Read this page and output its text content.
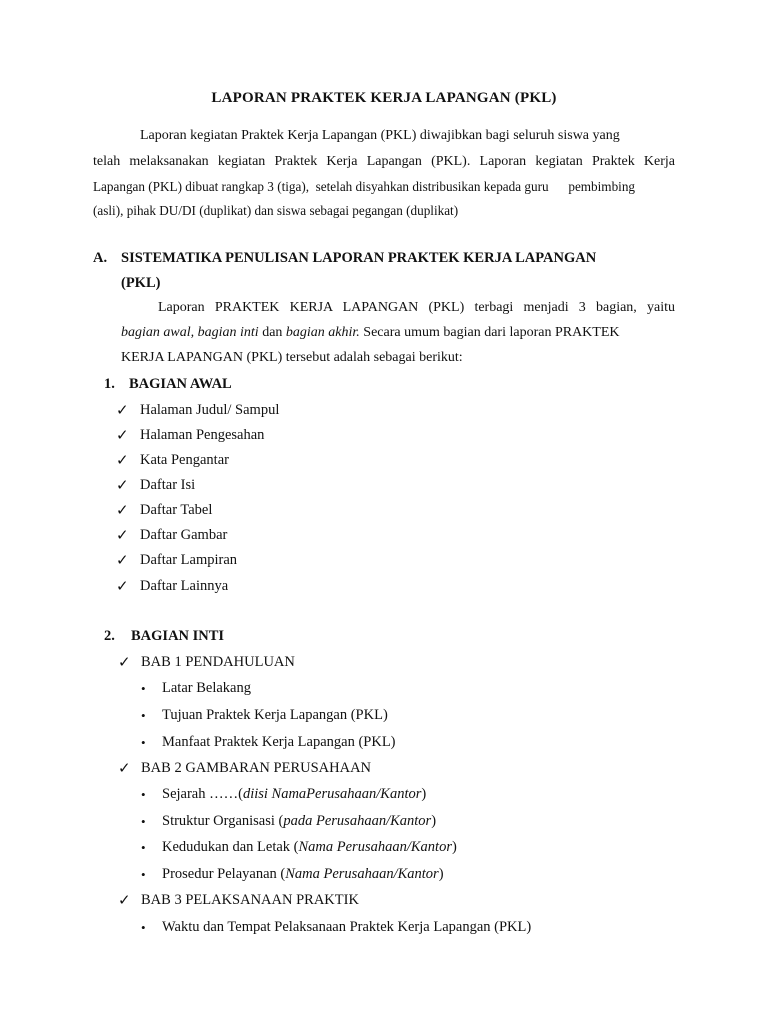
LAPORAN PRAKTEK KERJA LAPANGAN (PKL)
Laporan kegiatan Praktek Kerja Lapangan (PKL) diwajibkan bagi seluruh siswa yang
telah melaksanakan kegiatan Praktek Kerja Lapangan (PKL). Laporan kegiatan Praktek Kerja
Lapangan (PKL) dibuat rangkap 3 (tiga),  setelah disyahkan distribusikan kepada guru      pembimbing
(asli), pihak DU/DI (duplikat) dan siswa sebagai pegangan (duplikat)
A. SISTEMATIKA PENULISAN LAPORAN PRAKTEK KERJA LAPANGAN
(PKL)
Laporan PRAKTEK KERJA LAPANGAN (PKL) terbagi menjadi 3 bagian, yaitu
bagian awal, bagian inti dan bagian akhir. Secara umum bagian dari laporan PRAKTEK
KERJA LAPANGAN (PKL) tersebut adalah sebagai berikut:
1. BAGIAN AWAL
✓ Halaman Judul/ Sampul
✓ Halaman Pengesahan
✓ Kata Pengantar
✓ Daftar Isi
✓ Daftar Tabel
✓ Daftar Gambar
✓ Daftar Lampiran
✓ Daftar Lainnya
2. BAGIAN INTI
✓ BAB 1 PENDAHULUAN
• Latar Belakang
• Tujuan Praktek Kerja Lapangan (PKL)
• Manfaat Praktek Kerja Lapangan (PKL)
✓ BAB 2 GAMBARAN PERUSAHAAN
• Sejarah ……(diisi NamaPerusahaan/Kantor)
• Struktur Organisasi (pada Perusahaan/Kantor)
• Kedudukan dan Letak (Nama Perusahaan/Kantor)
• Prosedur Pelayanan (Nama Perusahaan/Kantor)
✓ BAB 3 PELAKSANAAN PRAKTIK
• Waktu dan Tempat Pelaksanaan Praktek Kerja Lapangan (PKL)
